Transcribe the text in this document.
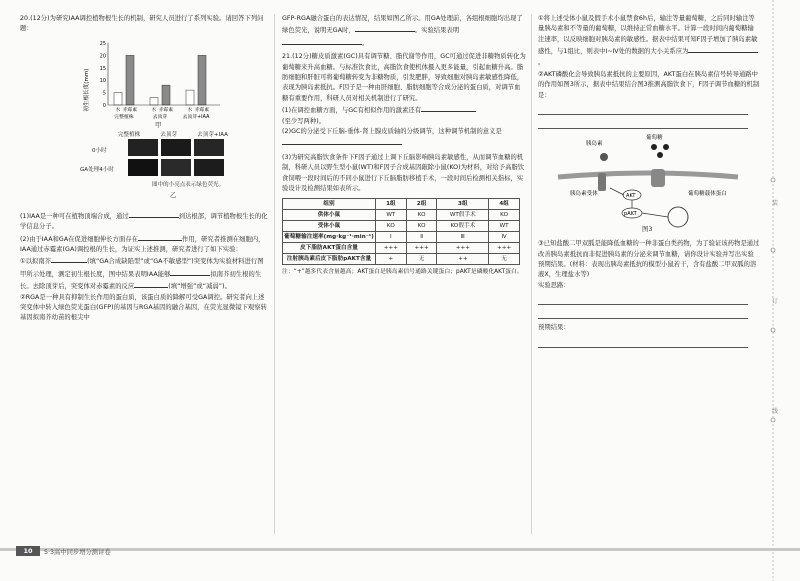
20.(12分)为研究IAA调控植物根生长的机制，研究人员进行了系列实验。请回答下列问题：

初生根长度(mm)	水 赤霉素	水 赤霉素	水 赤霉素
完整植株	去顶芽	去顶芽+IAA
0
5
10
15
20
25
甲
完整植株	去顶芽	去顶芽+IAA
0小时
GA处理4小时
图中的小亮点表示绿色荧光。
乙

(1)IAA是一种可在植物顶端合成，通过	到达根部，调节植物根生长的化学信息分子。

(2)由于IAA和GA在促进细胞伸长方面存在	作用，研究者推测在细胞内，IAA通过赤霉素(GA)调控根的生长，为证实上述推测，研究者进行了如下实验：

①以拟南芥	(填“GA合成缺陷型”或“GA不敏感型”)突变体为实验材料进行图甲所示处理，测定初生根长度，图中结果表明IAA能够	拟南芥初生根的生长。去除顶芽后，突变体对赤霉素的反应	(填“增强”或“减弱”)。

②RGA是一种具有抑制生长作用的蛋白质，该蛋白质的降解可受GA调控。研究者向上述突变体中转入绿色荧光蛋白(GFP)的基因与RGA基因的融合基因，在荧光显微镜下观察转基因拟南芥幼苗的根尖中

GFP-RGA融合蛋白的表达情况，结果如图乙所示。用GA处理前，各组根细胞均出现了绿色荧光，说明无GA时，	。实验结果表明。

21.(12分)糖皮质激素(GC)具有调节糖、脂代谢等作用，GC可通过促进非糖物质转化为葡萄糖来升高血糖。与标准饮食比，高脂饮食使机体摄入更多能量，引起血糖升高。脂肪细胞和肝脏可将葡萄糖转变为非糖物质，引发肥胖，导致细胞对胰岛素敏感性降低，表现为胰岛素抵抗。F因子是一种由肝细胞、脂肪细胞等合成分泌的蛋白质，对调节血糖有重要作用，科研人员对相关机制进行了研究。

(1)在调控血糖方面，与GC有相似作用的激素还有
(至少写两种)。

(2)GC的分泌受下丘脑-垂体-肾上腺皮质轴的分级调节，这种调节机制的意义是

(3)为研究高脂饮食条件下F因子通过上调下丘脑影响胰岛素敏感性，从而调节血糖的机制，科研人员以野生型小鼠(WT)和F因子合成基因敲除小鼠(KO)为材料，对给予高脂饮食饲喂一段时间后的不同小鼠进行下丘脑脂肪移植手术，一段时间后检测相关指标，实验设计及检测结果如表所示。

组别	1组	2组	3组	4组
供体小鼠	WT	KO	WT假手术	KO
受体小鼠	KO	KO	KO假手术	WT
葡萄糖输注速率(mg·kg⁻¹·min⁻¹)	Ⅰ	Ⅱ	Ⅲ	Ⅳ
皮下脂肪AKT蛋白含量	+++	+++	+++	+++
注射胰岛素后皮下脂肪pAKT含量	+	无	++	无

注：“+”越多代表含量越高；AKT蛋白是胰岛素信号通路关键蛋白；pAKT是磷酸化AKT蛋白。

①将上述受体小鼠及假手术小鼠禁食6h后，输注等量葡萄糖，之后同时输注等量胰岛素和不等量的葡萄糖，以维持正常血糖水平。计算一段时间内葡萄糖输注速率，以反映细胞对胰岛素的敏感性。据表中结果可知F因子增加了胰岛素敏感性，与1组比，则表中Ⅰ~Ⅳ处的数据的大小关系应为。

②AKT磷酸化会导致胰岛素抵抗的主要原因，AKT蛋白在胰岛素信号转导通路中的作用如图3所示，据表中结果结合图3推测高脂饮食下，F因子调节血糖的机制是：

胰岛素
葡萄糖
胰岛素受体	AKT
pAKT
葡萄糖载体蛋白
图3

③已知盐酸二甲双胍是能降低血糖的一种非蛋白类药物，为了验证该药物是通过改善胰岛素抵抗而非促进胰岛素的分泌来调节血糖，请你设计实验并写出实验预期结果。(材料：表现出胰岛素抵抗的模型小鼠若干，含有盐酸二甲双胍的溶液X，生理盐水等)

实验思路：

预期结果：

装
订
线
10	5·3高中同步增分测评卷
